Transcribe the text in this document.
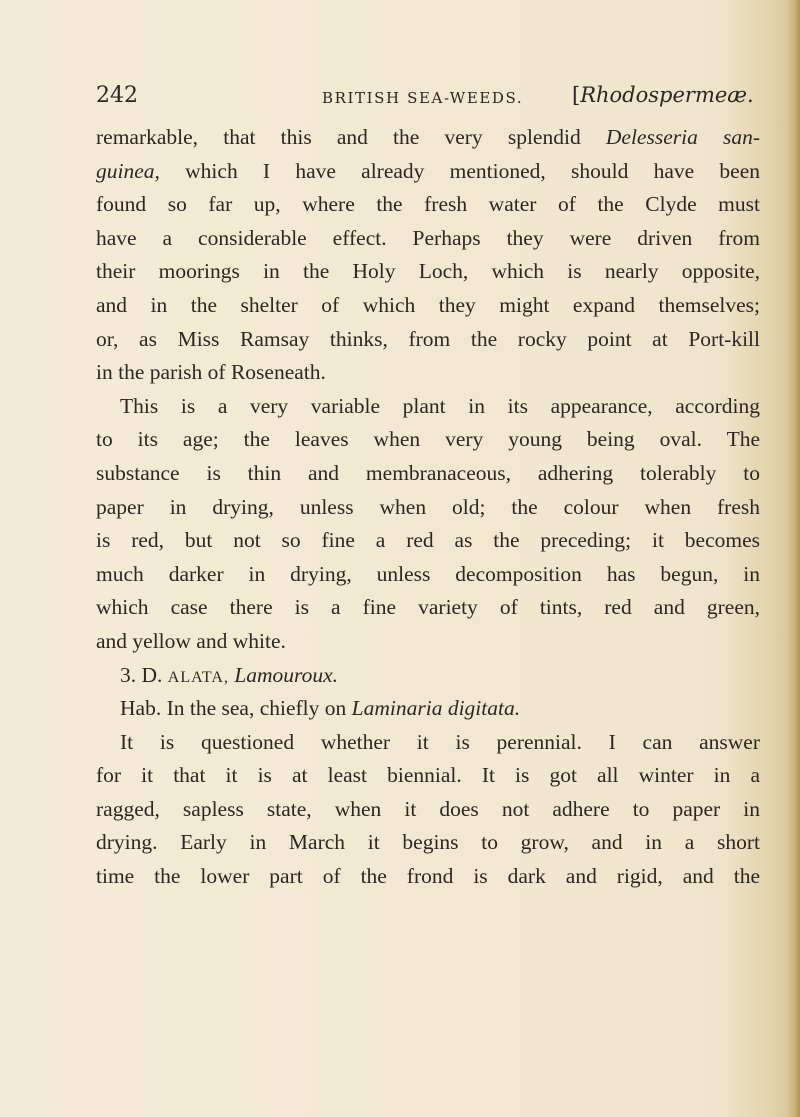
242	BRITISH SEA-WEEDS. [Rhodospermeæ.
remarkable, that this and the very splendid Delesseria san-
guinea, which I have already mentioned, should have been
found so far up, where the fresh water of the Clyde must
have a considerable effect. Perhaps they were driven from
their moorings in the Holy Loch, which is nearly opposite,
and in the shelter of which they might expand themselves;
or, as Miss Ramsay thinks, from the rocky point at Port-kill
in the parish of Roseneath.
This is a very variable plant in its appearance, according
to its age; the leaves when very young being oval. The
substance is thin and membranaceous, adhering tolerably to
paper in drying, unless when old; the colour when fresh
is red, but not so fine a red as the preceding; it becomes
much darker in drying, unless decomposition has begun, in
which case there is a fine variety of tints, red and green,
and yellow and white.
3. D. ALATA, Lamouroux.
Hab. In the sea, chiefly on Laminaria digitata.
It is questioned whether it is perennial. I can answer
for it that it is at least biennial. It is got all winter in a
ragged, sapless state, when it does not adhere to paper in
drying. Early in March it begins to grow, and in a short
time the lower part of the frond is dark and rigid, and the
